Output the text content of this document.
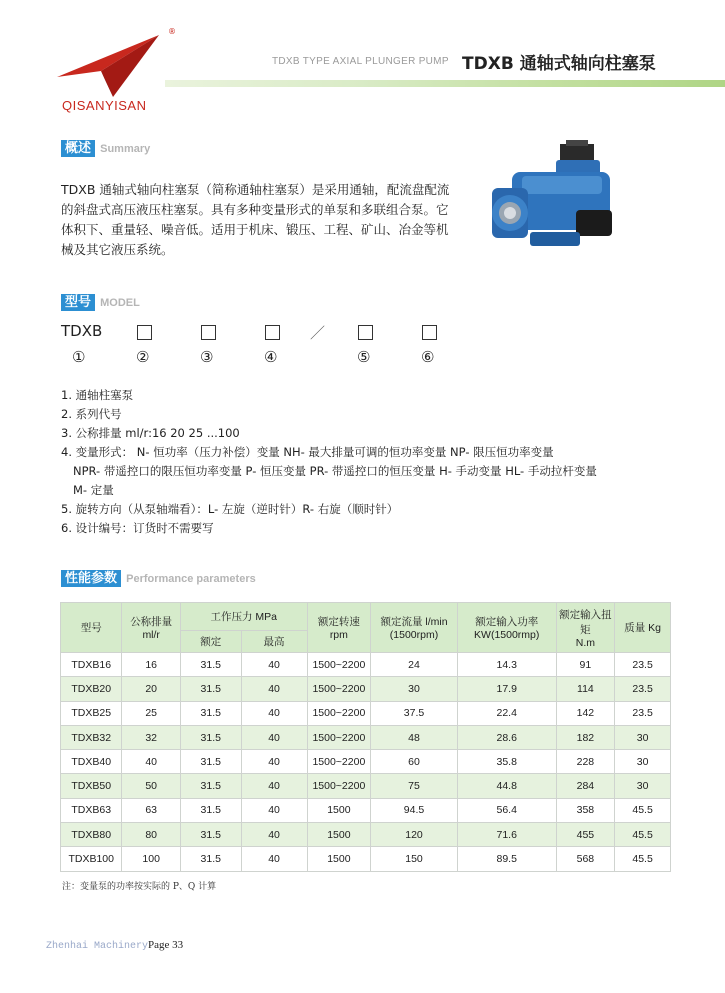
®
QISANYISAN
TDXB TYPE AXIAL PLUNGER PUMP TDXB 通轴式轴向柱塞泵
概述 Summary
TDXB 通轴式轴向柱塞泵（简称通轴柱塞泵）是采用通轴，配流盘配流的斜盘式高压液压柱塞泵。具有多种变量形式的单泵和多联组合泵。它体积下、重量轻、噪音低。适用于机床、锻压、工程、矿山、冶金等机械及其它液压系统。
型号 MODEL
TDXB	／
①	②	③	④	⑤	⑥
1. 通轴柱塞泵
2. 系列代号
3. 公称排量 ml/r:16 20 25 ...100
4. 变量形式： N- 恒功率（压力补偿）变量 NH- 最大排量可调的恒功率变量 NP- 限压恒功率变量
NPR- 带遥控口的限压恒功率变量 P- 恒压变量 PR- 带遥控口的恒压变量 H- 手动变量 HL- 手动拉杆变量
M- 定量
5. 旋转方向（从泵轴端看）：L- 左旋（逆时针）R- 右旋（顺时针）
6. 设计编号：订货时不需要写
性能参数 Performance parameters
型号	公称排量 ml/r	工作压力 MPa		额定转速
rpm	额定流量 l/min
(1500rpm)	额定输入功率
KW(1500rmp)	额定输入扭矩
N.m	质量 Kg
		额定	最高					
TDXB16	16	31.5	40	1500~2200	24	14.3	91	23.5
TDXB20	20	31.5	40	1500~2200	30	17.9	114	23.5
TDXB25	25	31.5	40	1500~2200	37.5	22.4	142	23.5
TDXB32	32	31.5	40	1500~2200	48	28.6	182	30
TDXB40	40	31.5	40	1500~2200	60	35.8	228	30
TDXB50	50	31.5	40	1500~2200	75	44.8	284	30
TDXB63	63	31.5	40	1500	94.5	56.4	358	45.5
TDXB80	80	31.5	40	1500	120	71.6	455	45.5
TDXB100	100	31.5	40	1500	150	89.5	568	45.5
注：变量泵的功率按实际的 P、Q 计算
Zhenhai MachineryPage 33
